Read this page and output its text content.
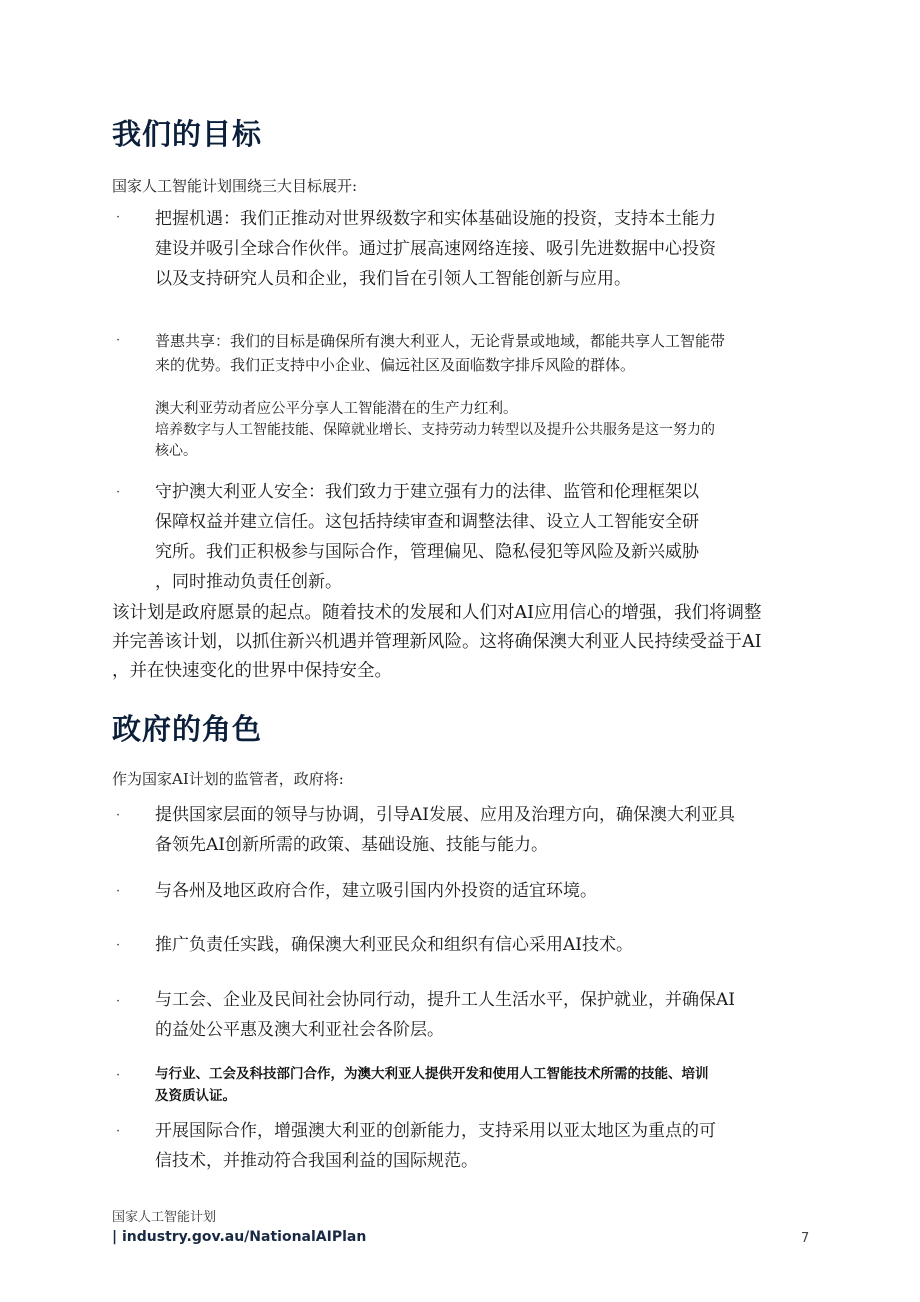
我们的目标
国家人工智能计划围绕三大目标展开:
· 把握机遇：我们正推动对世界级数字和实体基础设施的投资，支持本土能力
建设并吸引全球合作伙伴。通过扩展高速网络连接、吸引先进数据中心投资
以及支持研究人员和企业，我们旨在引领人工智能创新与应用。
· 普惠共享：我们的目标是确保所有澳大利亚人，无论背景或地域，都能共享人工智能带
来的优势。我们正支持中小企业、偏远社区及面临数字排斥风险的群体。
澳大利亚劳动者应公平分享人工智能潜在的生产力红利。
培养数字与人工智能技能、保障就业增长、支持劳动力转型以及提升公共服务是这一努力的
核心。
· 守护澳大利亚人安全：我们致力于建立强有力的法律、监管和伦理框架以
保障权益并建立信任。这包括持续审查和调整法律、设立人工智能安全研
究所。我们正积极参与国际合作，管理偏见、隐私侵犯等风险及新兴威胁
，同时推动负责任创新。
该计划是政府愿景的起点。随着技术的发展和人们对AI应用信心的增强，我们将调整
并完善该计划，以抓住新兴机遇并管理新风险。这将确保澳大利亚人民持续受益于AI
，并在快速变化的世界中保持安全。
政府的角色
作为国家AI计划的监管者，政府将:
· 提供国家层面的领导与协调，引导AI发展、应用及治理方向，确保澳大利亚具
备领先AI创新所需的政策、基础设施、技能与能力。
· 与各州及地区政府合作，建立吸引国内外投资的适宜环境。
· 推广负责任实践，确保澳大利亚民众和组织有信心采用AI技术。
· 与工会、企业及民间社会协同行动，提升工人生活水平，保护就业，并确保AI
的益处公平惠及澳大利亚社会各阶层。
·	与行业、工会及科技部门合作，为澳大利亚人提供开发和使用人工智能技术所需的技能、培训
及资质认证。
· 开展国际合作，增强澳大利亚的创新能力，支持采用以亚太地区为重点的可
信技术，并推动符合我国利益的国际规范。
国家人工智能计划
| industry.gov.au/NationalAIPlan	7
